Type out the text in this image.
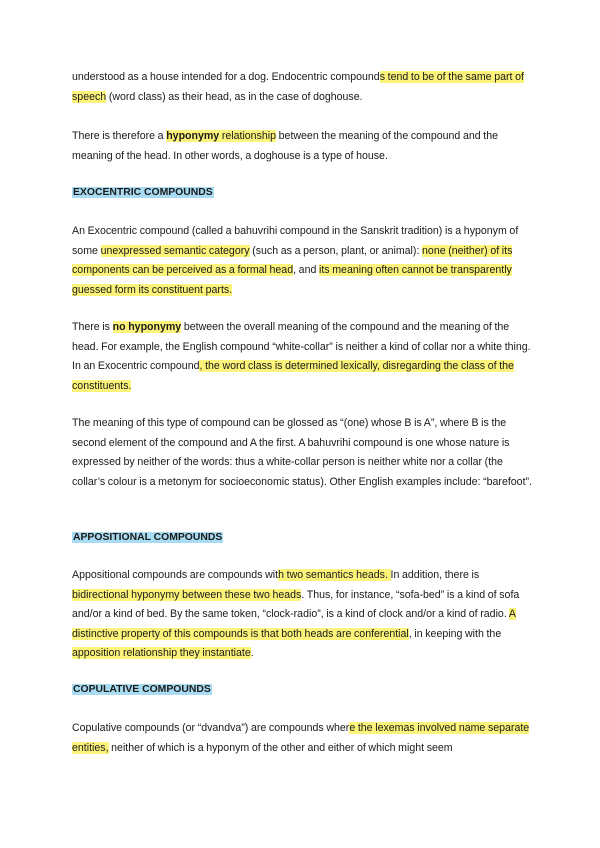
understood as a house intended for a dog. Endocentric compounds tend to be of the same part of speech (word class) as their head, as in the case of doghouse.
There is therefore a hyponymy relationship between the meaning of the compound and the meaning of the head. In other words, a doghouse is a type of house.
EXOCENTRIC COMPOUNDS
An Exocentric compound (called a bahuvrihi compound in the Sanskrit tradition) is a hyponym of some unexpressed semantic category (such as a person, plant, or animal): none (neither) of its components can be perceived as a formal head, and its meaning often cannot be transparently guessed form its constituent parts.
There is no hyponymy between the overall meaning of the compound and the meaning of the head. For example, the English compound “white-collar” is neither a kind of collar nor a white thing. In an Exocentric compound, the word class is determined lexically, disregarding the class of the constituents.
The meaning of this type of compound can be glossed as “(one) whose B is A”, where B is the second element of the compound and A the first. A bahuvrihi compound is one whose nature is expressed by neither of the words: thus a white-collar person is neither white nor a collar (the collar’s colour is a metonym for socioeconomic status). Other English examples include: “barefoot”.
APPOSITIONAL COMPOUNDS
Appositional compounds are compounds with two semantics heads. In addition, there is bidirectional hyponymy between these two heads. Thus, for instance, “sofa-bed” is a kind of sofa and/or a kind of bed. By the same token, “clock-radio”, is a kind of clock and/or a kind of radio. A distinctive property of this compounds is that both heads are conferential, in keeping with the apposition relationship they instantiate.
COPULATIVE COMPOUNDS
Copulative compounds (or “dvandva”) are compounds where the lexemas involved name separate entities, neither of which is a hyponym of the other and either of which might seem
